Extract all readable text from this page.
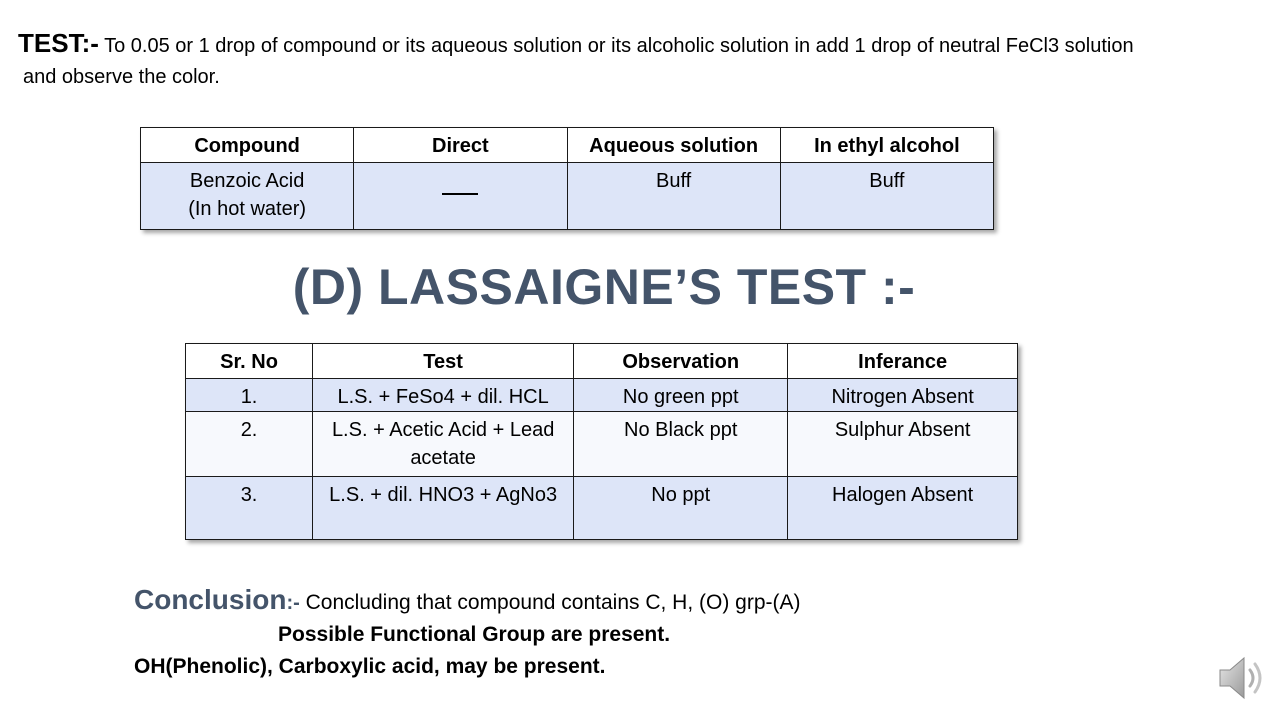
TEST:- To 0.05 or 1 drop of compound or its aqueous solution or its alcoholic solution in add 1 drop of neutral FeCl3 solution
and observe the color.
Compound	Direct	Aqueous solution	In ethyl alcohol
Benzoic Acid
(In hot water)		Buff	Buff
(D) LASSAIGNE’S TEST :-
Sr. No	Test	Observation	Inferance
1.	L.S. + FeSo4 + dil. HCL	No green ppt	Nitrogen Absent
2.	L.S. + Acetic Acid + Lead acetate	No Black ppt	Sulphur Absent
3.	L.S. + dil. HNO3 + AgNo3	No ppt	Halogen Absent
Conclusion:- Concluding that compound contains C, H, (O) grp-(A)
Possible Functional Group are present.
OH(Phenolic), Carboxylic acid, may be present.
